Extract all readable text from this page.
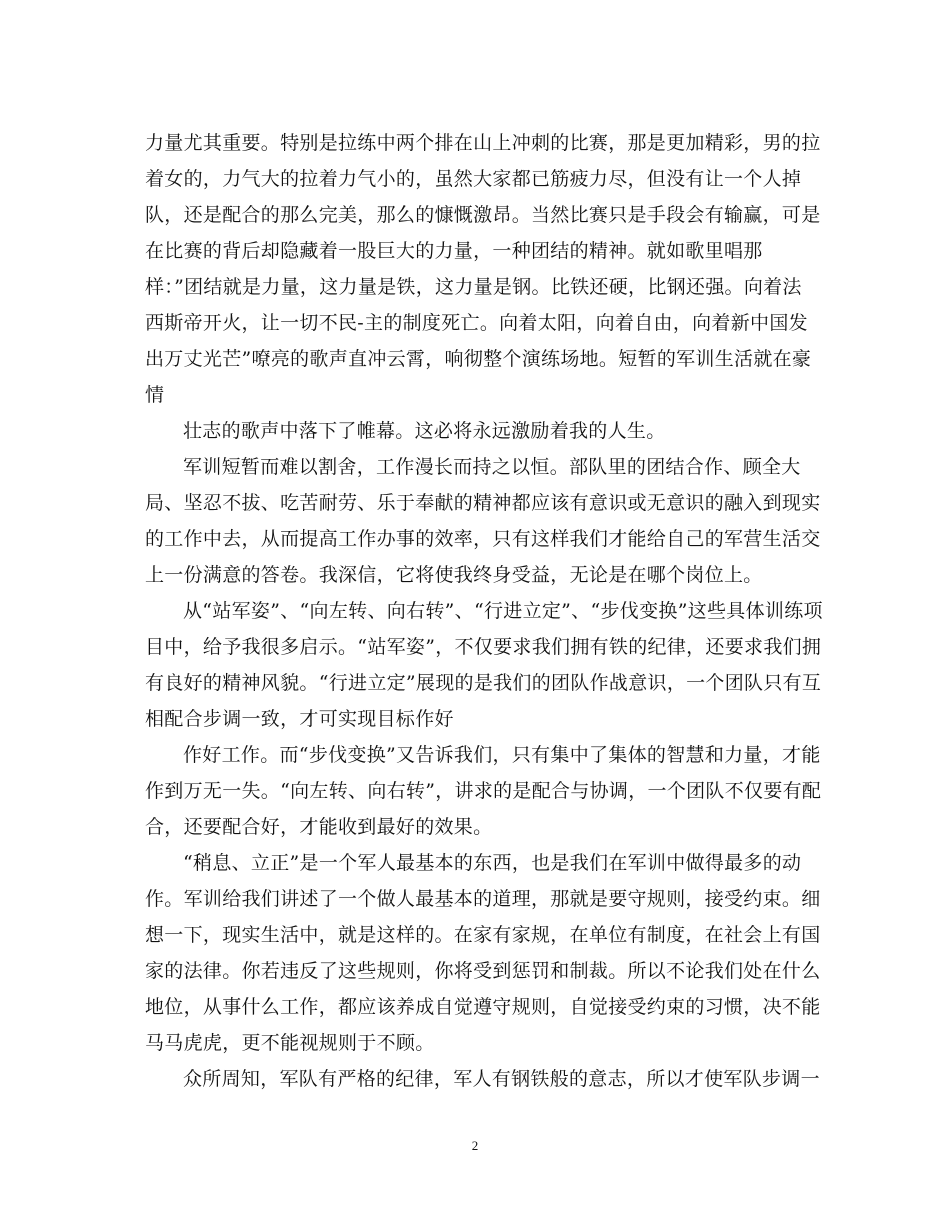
力量尤其重要。特别是拉练中两个排在山上冲刺的比赛，那是更加精彩，男的拉
着女的，力气大的拉着力气小的，虽然大家都已筋疲力尽，但没有让一个人掉
队，还是配合的那么完美，那么的慷慨激昂。当然比赛只是手段会有输赢，可是
在比赛的背后却隐藏着一股巨大的力量，一种团结的精神。就如歌里唱那
样：”团结就是力量，这力量是铁，这力量是钢。比铁还硬，比钢还强。向着法
西斯帝开火，让一切不民-主的制度死亡。向着太阳，向着自由，向着新中国发
出万丈光芒”嘹亮的歌声直冲云霄，响彻整个演练场地。短暂的军训生活就在豪
情
壮志的歌声中落下了帷幕。这必将永远激励着我的人生。
军训短暂而难以割舍，工作漫长而持之以恒。部队里的团结合作、顾全大
局、坚忍不拔、吃苦耐劳、乐于奉献的精神都应该有意识或无意识的融入到现实
的工作中去，从而提高工作办事的效率，只有这样我们才能给自己的军营生活交
上一份满意的答卷。我深信，它将使我终身受益，无论是在哪个岗位上。
从“站军姿”、“向左转、向右转”、“行进立定”、“步伐变换”这些具体训练项
目中，给予我很多启示。“站军姿”，不仅要求我们拥有铁的纪律，还要求我们拥
有良好的精神风貌。“行进立定”展现的是我们的团队作战意识，一个团队只有互
相配合步调一致，才可实现目标作好
作好工作。而“步伐变换”又告诉我们，只有集中了集体的智慧和力量，才能
作到万无一失。“向左转、向右转”，讲求的是配合与协调，一个团队不仅要有配
合，还要配合好，才能收到最好的效果。
“稍息、立正”是一个军人最基本的东西，也是我们在军训中做得最多的动
作。军训给我们讲述了一个做人最基本的道理，那就是要守规则，接受约束。细
想一下，现实生活中，就是这样的。在家有家规，在单位有制度，在社会上有国
家的法律。你若违反了这些规则，你将受到惩罚和制裁。所以不论我们处在什么
地位，从事什么工作，都应该养成自觉遵守规则，自觉接受约束的习惯，决不能
马马虎虎，更不能视规则于不顾。
众所周知，军队有严格的纪律，军人有钢铁般的意志，所以才使军队步调一
2
